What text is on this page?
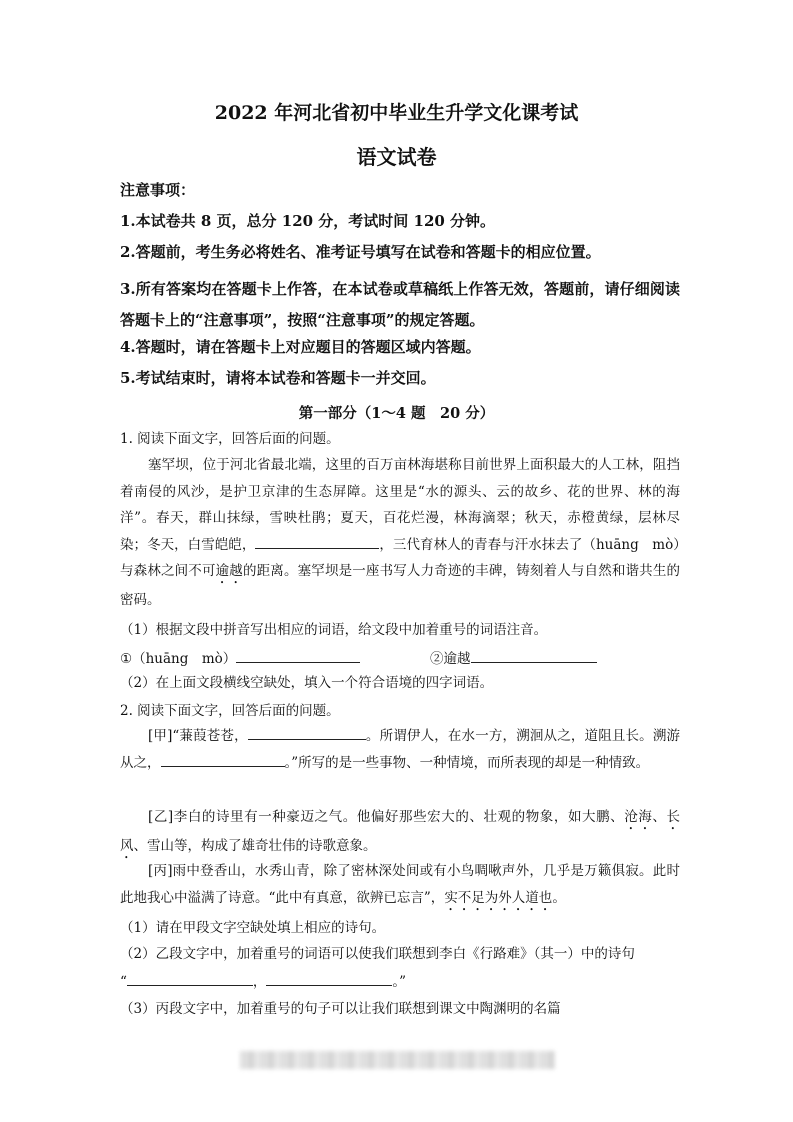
2022 年河北省初中毕业生升学文化课考试
语文试卷
注意事项：
1.本试卷共 8 页，总分 120 分，考试时间 120 分钟。
2.答题前，考生务必将姓名、准考证号填写在试卷和答题卡的相应位置。
3.所有答案均在答题卡上作答，在本试卷或草稿纸上作答无效，答题前，请仔细阅读答题卡上的“注意事项”，按照“注意事项”的规定答题。
4.答题时，请在答题卡上对应题目的答题区域内答题。
5.考试结束时，请将本试卷和答题卡一并交回。
第一部分（1～4 题　20 分）
1. 阅读下面文字，回答后面的问题。
塞罕坝，位于河北省最北端，这里的百万亩林海堪称目前世界上面积最大的人工林，阻挡着南侵的风沙，是护卫京津的生态屏障。这里是“水的源头、云的故乡、花的世界、林的海洋”。春天，群山抹绿，雪映杜鹃；夏天，百花烂漫，林海滴翠；秋天，赤橙黄绿，层林尽染；冬天，白雪皑皑，	，三代育林人的青春与汗水抹去了（huāng　mò）与森林之间不可逾越的距离。塞罕坝是一座书写人力奇迹的丰碑，铸刻着人与自然和谐共生的密码。
（1）根据文段中拼音写出相应的词语，给文段中加着重号的词语注音。
①（huāng　mò）	②逾越
（2）在上面文段横线空缺处，填入一个符合语境的四字词语。
2. 阅读下面文字，回答后面的问题。
[甲]“蒹葭苍苍，	。所谓伊人，在水一方，溯洄从之，道阻且长。溯游从之，	。”所写的是一些事物、一种情境，而所表现的却是一种情致。
[乙]李白的诗里有一种豪迈之气。他偏好那些宏大的、壮观的物象，如大鹏、沧海、长风、雪山等，构成了雄奇壮伟的诗歌意象。
[丙]雨中登香山，水秀山青，除了密林深处间或有小鸟啁啾声外，几乎是万籁俱寂。此时此地我心中溢满了诗意。“此中有真意，欲辨已忘言”，实不足为外人道也。
（1）请在甲段文字空缺处填上相应的诗句。
（2）乙段文字中，加着重号的词语可以使我们联想到李白《行路难》（其一）中的诗句
“	，	。”
（3）丙段文字中，加着重号的句子可以让我们联想到课文中陶渊明的名篇
